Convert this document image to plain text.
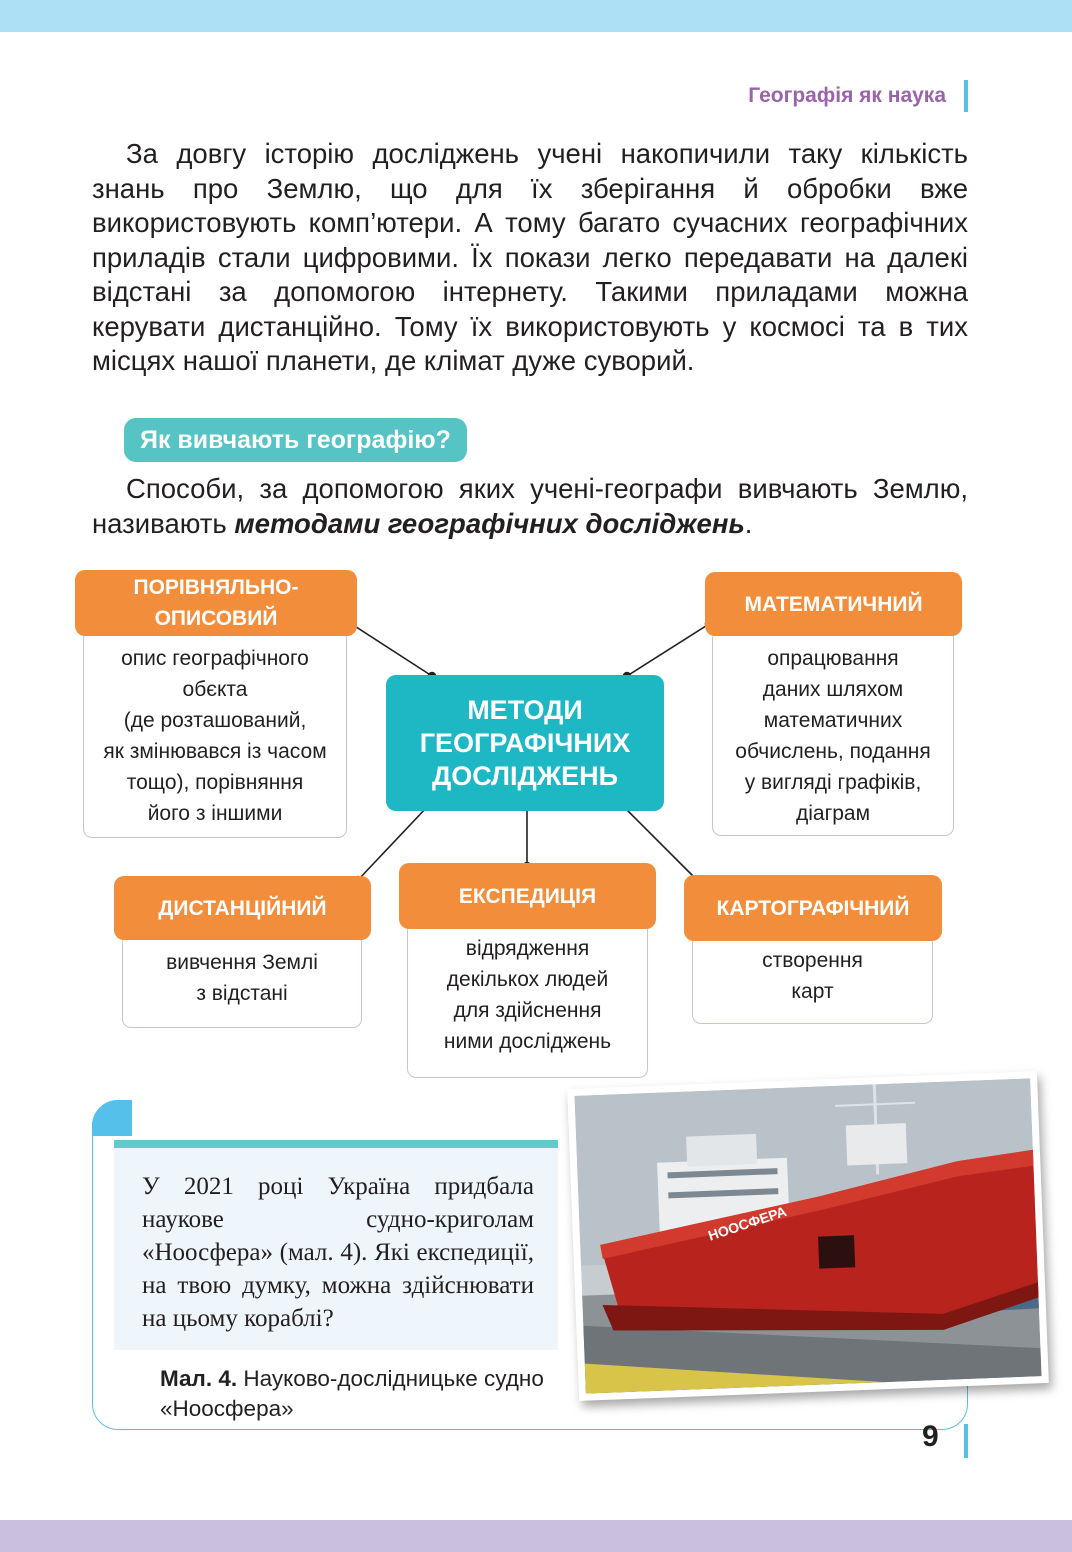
Географія як наука

За довгу історію досліджень учені накопичили таку кількість знань про Землю, що для їх зберігання й обробки вже використовують комп’ютери. А тому багато сучасних географічних приладів стали цифровими. Їх покази легко передавати на далекі відстані за допомогою інтернету. Такими приладами можна керувати дистанційно. Тому їх використовують у космосі та в тих місцях нашої планети, де клімат дуже суворий.

Як вивчають географію?

Способи, за допомогою яких учені-географи вивчають Землю, називають методами географічних досліджень.

опис географічного
обєкта
(де розташований,
як змінювався із часом
тощо), порівняння
його з іншими
ПОРІВНЯЛЬНО-
ОПИСОВИЙ
опрацювання
даних шляхом
математичних
обчислень, подання
у вигляді графіків,
діаграм
МАТЕМАТИЧНИЙ
МЕТОДИ
ГЕОГРАФІЧНИХ
ДОСЛІДЖЕНЬ
вивчення Землі
з відстані
ДИСТАНЦІЙНИЙ
відрядження
декількох людей
для здійснення
ними досліджень
ЕКСПЕДИЦІЯ
створення
карт
КАРТОГРАФІЧНИЙ
У 2021 році Україна придбала наукове судно-криголам «Ноосфера» (мал. 4). Які експедиції, на твою думку, можна здійснювати на цьому кораблі?
Мал. 4. Науково-дослідницьке судно «Ноосфера»
НООСФЕРА
9
